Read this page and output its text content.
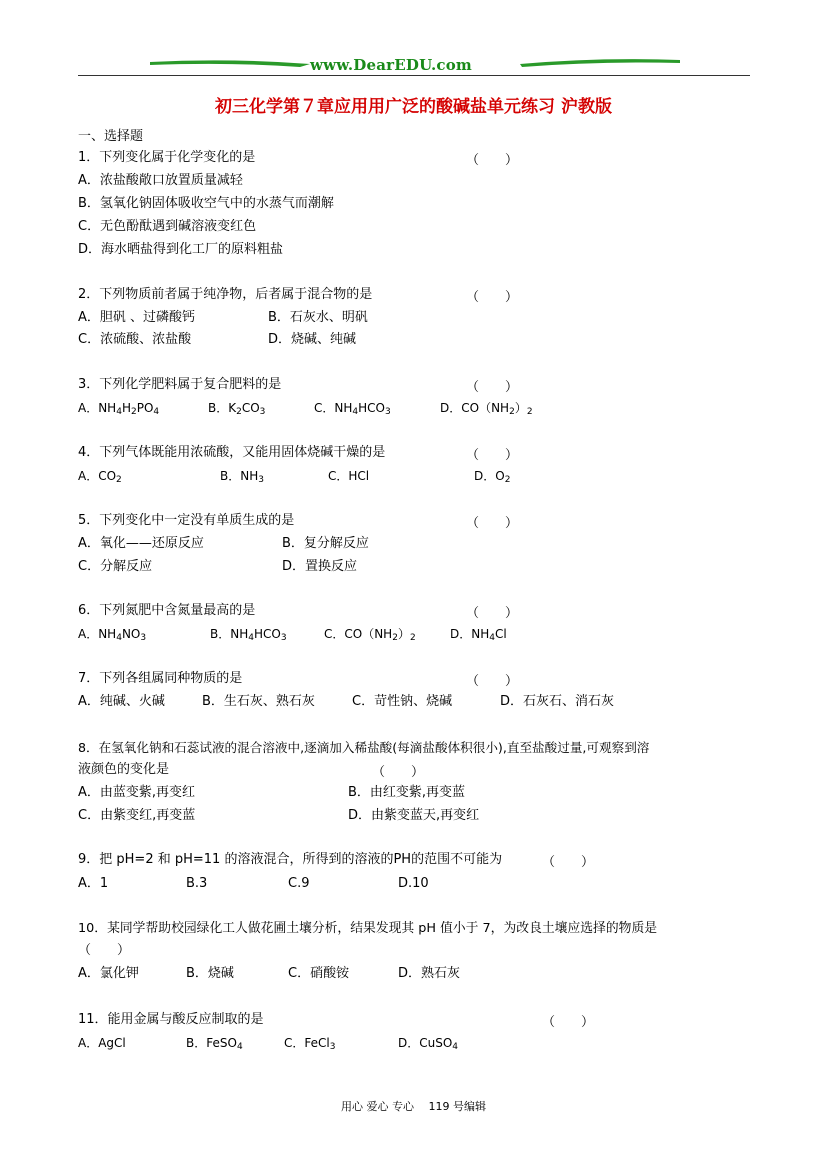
www.DearEDU.com
初三化学第７章应用用广泛的酸碱盐单元练习 沪教版
一、选择题
1．下列变化属于化学变化的是	（　　）
A．浓盐酸敞口放置质量减轻
B．氢氧化钠固体吸收空气中的水蒸气而潮解
C．无色酚酞遇到碱溶液变红色
D．海水晒盐得到化工厂的原料粗盐
2．下列物质前者属于纯净物，后者属于混合物的是	（　　）
A．胆矾 、过磷酸钙	B．石灰水、明矾
C．浓硫酸、浓盐酸	D．烧碱、纯碱
3．下列化学肥料属于复合肥料的是	（　　）
A．$NH_4H_2PO_4$	B．$K_2CO_3$	C．$NH_4HCO_3$	D．$CO(NH_2)_2$
4．下列气体既能用浓硫酸，又能用固体烧碱干燥的是	（　　）
A．$CO_2$	B．$NH_3$	C．HCl	D．$O_2$
5．下列变化中一定没有单质生成的是	（　　）
A．氧化——还原反应	B．复分解反应
C．分解反应	D．置换反应
6．下列氮肥中含氮量最高的是	（　　）
A．$NH_4NO_3$	B．$NH_4HCO_3$	C．$CO(NH_2)_2$	D．$NH_4Cl$
7．下列各组属同种物质的是	（　　）
A．纯碱、火碱	B．生石灰、熟石灰	C．苛性钠、烧碱	D．石灰石、消石灰
8．在氢氧化钠和石蕊试液的混合溶液中,逐滴加入稀盐酸(每滴盐酸体积很小),直至盐酸过量,可观察到溶
液颜色的变化是	（　　）
A．由蓝变紫,再变红	B．由红变紫,再变蓝
C．由紫变红,再变蓝	D．由紫变蓝天,再变红
9．把 pH=2 和 pH=11 的溶液混合，所得到的溶液的PH的范围不可能为	（　　）
A．1	B.3	C.9	D.10
10．某同学帮助校园绿化工人做花圃土壤分析，结果发现其 pH 值小于 7，为改良土壤应选择的物质是
（　　）
A．氯化钾	B．烧碱	C．硝酸铵	D．熟石灰
11．能用金属与酸反应制取的是	（　　）
A．AgCl	B．FeSO$_4$	C．FeCl$_3$	D．CuSO$_4$
用心 爱心 专心　 119 号编辑
